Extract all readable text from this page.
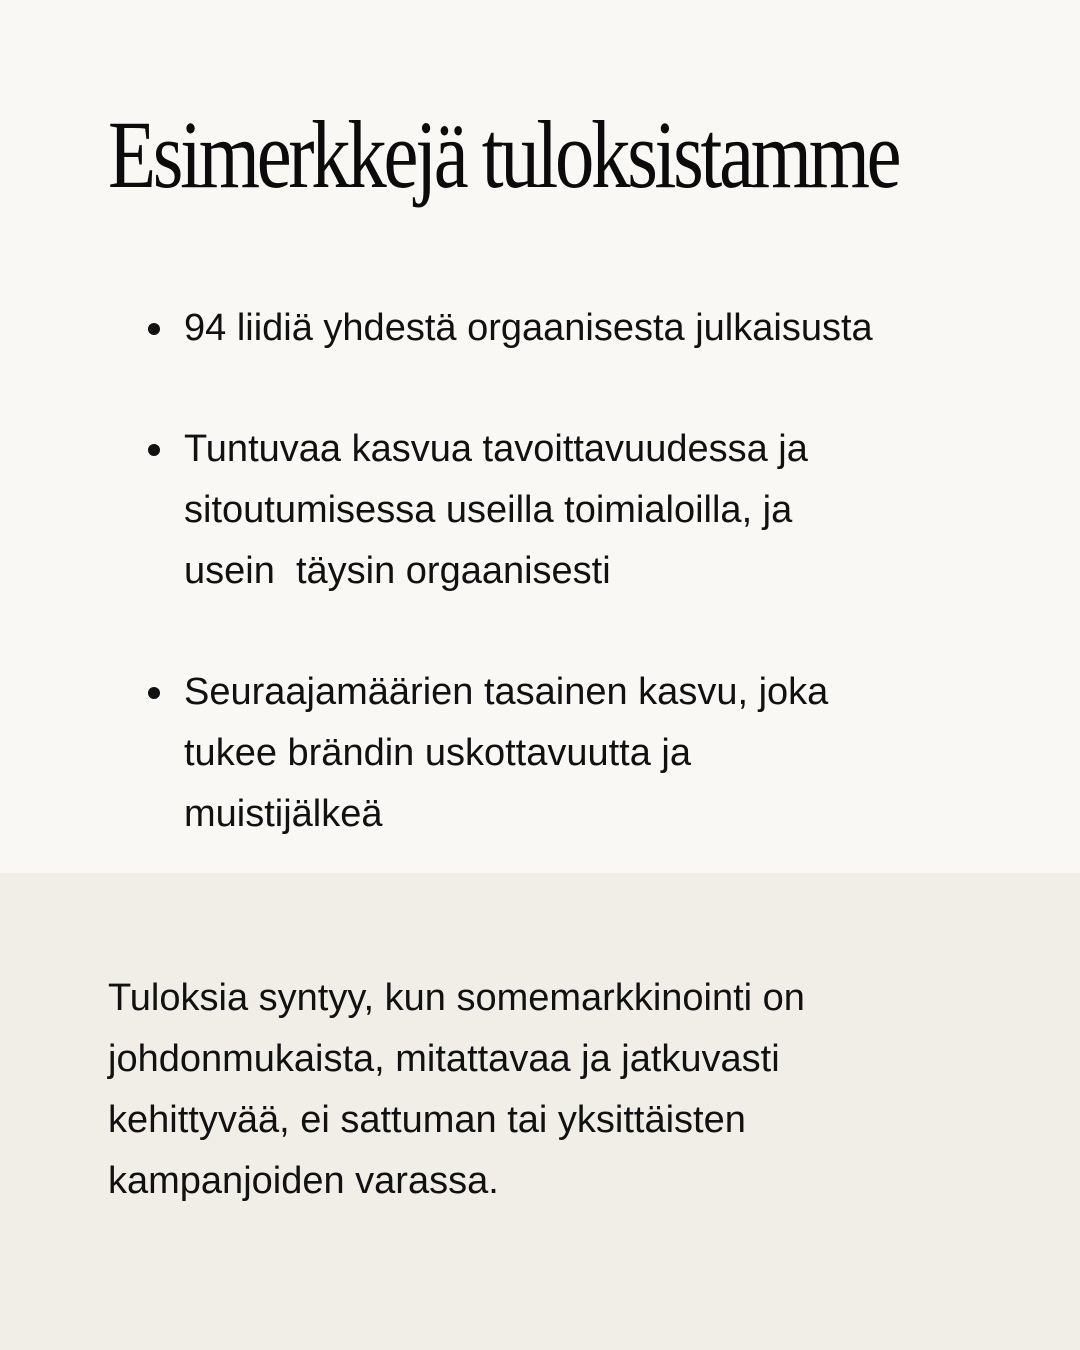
Esimerkkejä tuloksistamme
94 liidiä yhdestä orgaanisesta julkaisusta
Tuntuvaa kasvua tavoittavuudessa ja
sitoutumisessa useilla toimialoilla, ja
usein  täysin orgaanisesti
Seuraajamäärien tasainen kasvu, joka
tukee brändin uskottavuutta ja
muistijälkeä

Tuloksia syntyy, kun somemarkkinointi on
johdonmukaista, mitattavaa ja jatkuvasti
kehittyvää, ei sattuman tai yksittäisten
kampanjoiden varassa.
